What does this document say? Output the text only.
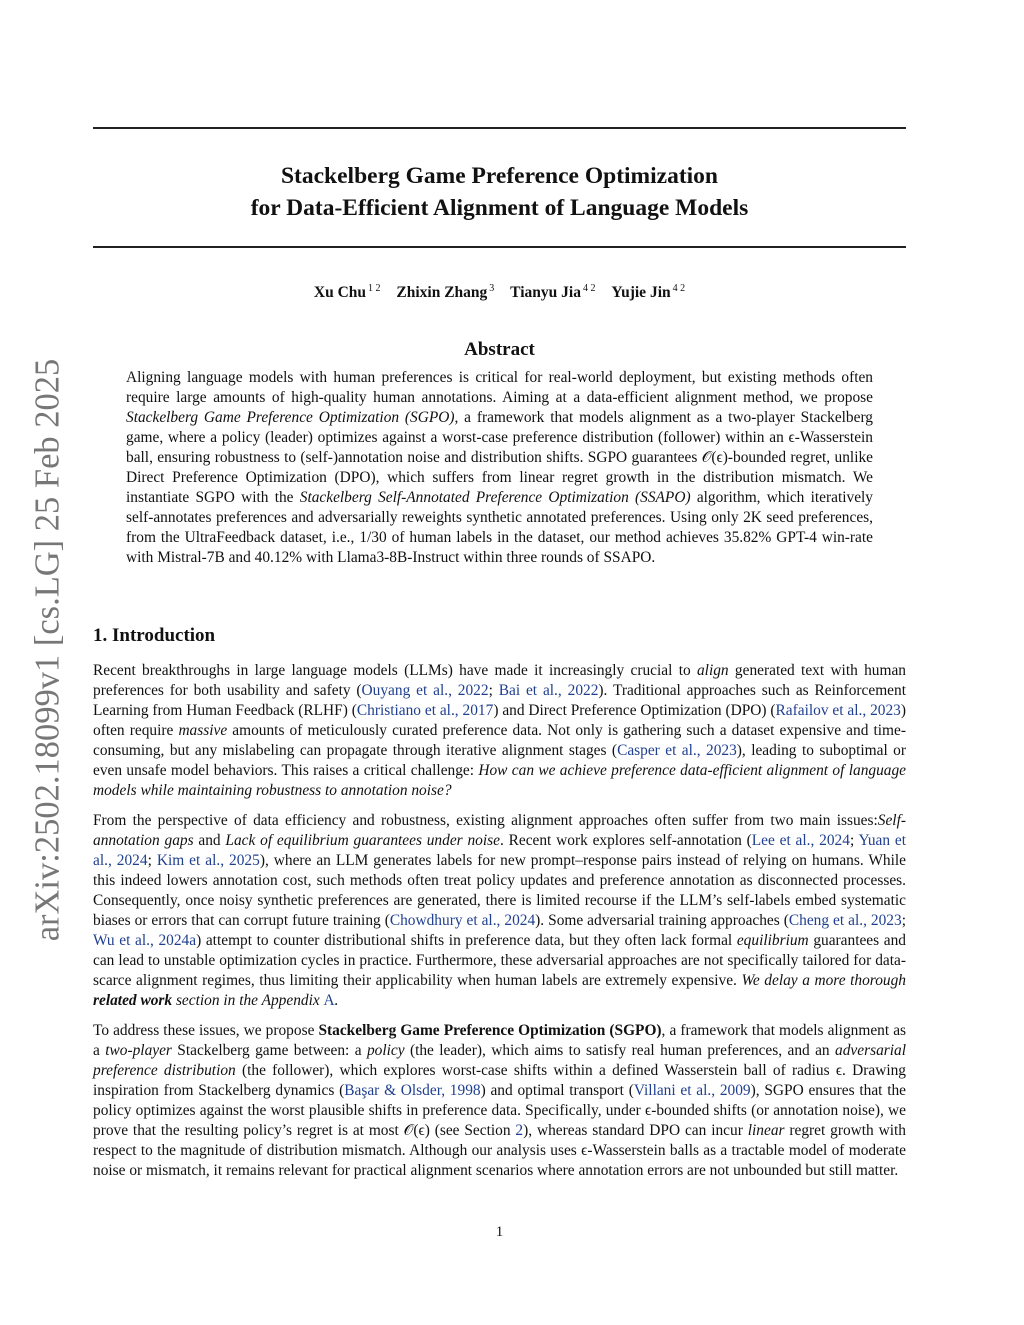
arXiv:2502.18099v1 [cs.LG] 25 Feb 2025
Stackelberg Game Preference Optimization
for Data-Efficient Alignment of Language Models
Xu Chu $^{1 2}$ Zhixin Zhang $^3$ Tianyu Jia $^{4 2}$ Yujie Jin $^{4 2}$
Abstract

Aligning language models with human preferences is critical for real-world deployment, but existing methods often require large amounts of high-quality human annotations. Aiming at a data-efficient alignment method, we propose Stackelberg Game Preference Optimization (SGPO), a framework that models alignment as a two-player Stackelberg game, where a policy (leader) optimizes against a worst-case preference distribution (follower) within an ϵ-Wasserstein ball, ensuring robustness to (self-)annotation noise and distribution shifts. SGPO guarantees 𝒪(ϵ)-bounded regret, unlike Direct Preference Optimization (DPO), which suffers from linear regret growth in the distribution mismatch. We instantiate SGPO with the Stackelberg Self-Annotated Preference Optimization (SSAPO) algorithm, which iteratively self-annotates preferences and adversarially reweights synthetic annotated preferences. Using only 2K seed preferences, from the UltraFeedback dataset, i.e., 1/30 of human labels in the dataset, our method achieves 35.82% GPT-4 win-rate with Mistral-7B and 40.12% with Llama3-8B-Instruct within three rounds of SSAPO.

1. Introduction

Recent breakthroughs in large language models (LLMs) have made it increasingly crucial to align generated text with human preferences for both usability and safety (Ouyang et al., 2022; Bai et al., 2022). Traditional approaches such as Reinforcement Learning from Human Feedback (RLHF) (Christiano et al., 2017) and Direct Preference Optimization (DPO) (Rafailov et al., 2023) often require massive amounts of meticulously curated preference data. Not only is gathering such a dataset expensive and time-consuming, but any mislabeling can propagate through iterative alignment stages (Casper et al., 2023), leading to suboptimal or even unsafe model behaviors. This raises a critical challenge: How can we achieve preference data-efficient alignment of language models while maintaining robustness to annotation noise?

From the perspective of data efficiency and robustness, existing alignment approaches often suffer from two main issues:Self-annotation gaps and Lack of equilibrium guarantees under noise. Recent work explores self-annotation (Lee et al., 2024; Yuan et al., 2024; Kim et al., 2025), where an LLM generates labels for new prompt–response pairs instead of relying on humans. While this indeed lowers annotation cost, such methods often treat policy updates and preference annotation as disconnected processes. Consequently, once noisy synthetic preferences are generated, there is limited recourse if the LLM’s self-labels embed systematic biases or errors that can corrupt future training (Chowdhury et al., 2024). Some adversarial training approaches (Cheng et al., 2023; Wu et al., 2024a) attempt to counter distributional shifts in preference data, but they often lack formal equilibrium guarantees and can lead to unstable optimization cycles in practice. Furthermore, these adversarial approaches are not specifically tailored for data-scarce alignment regimes, thus limiting their applicability when human labels are extremely expensive. We delay a more thorough related work section in the Appendix A.

To address these issues, we propose Stackelberg Game Preference Optimization (SGPO), a framework that models alignment as a two-player Stackelberg game between: a policy (the leader), which aims to satisfy real human preferences, and an adversarial preference distribution (the follower), which explores worst-case shifts within a defined Wasserstein ball of radius ϵ. Drawing inspiration from Stackelberg dynamics (Başar & Olsder, 1998) and optimal transport (Villani et al., 2009), SGPO ensures that the policy optimizes against the worst plausible shifts in preference data. Specifically, under ϵ-bounded shifts (or annotation noise), we prove that the resulting policy’s regret is at most 𝒪(ϵ) (see Section 2), whereas standard DPO can incur linear regret growth with respect to the magnitude of distribution mismatch. Although our analysis uses ϵ-Wasserstein balls as a tractable model of moderate noise or mismatch, it remains relevant for practical alignment scenarios where annotation errors are not unbounded but still matter.

1
